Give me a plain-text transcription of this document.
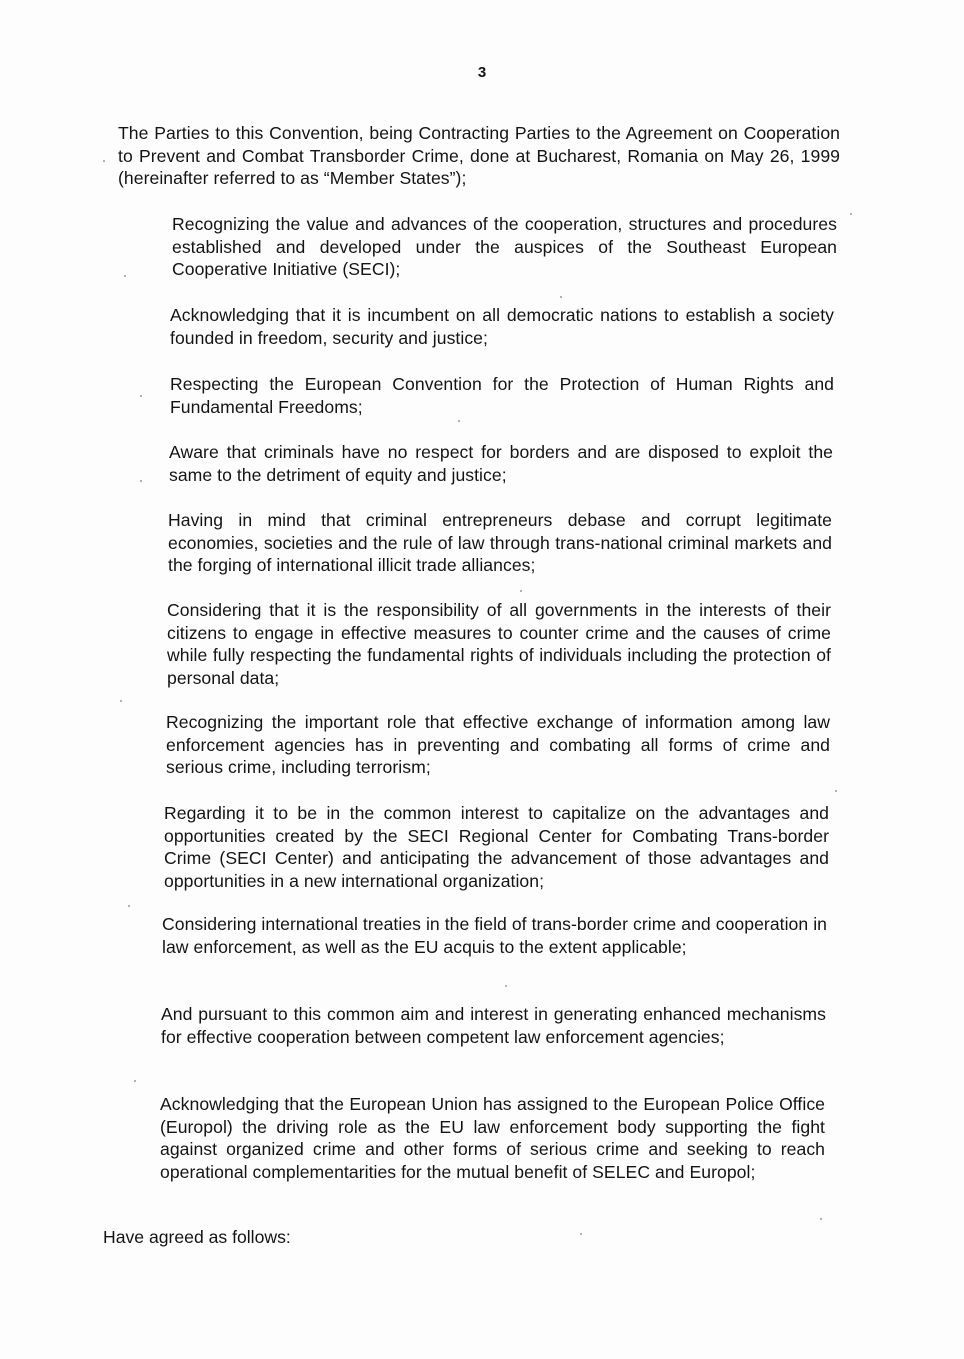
3
The Parties to this Convention, being Contracting Parties to the Agreement on Cooperation to Prevent and Combat Transborder Crime, done at Bucharest, Romania on May 26, 1999 (hereinafter referred to as “Member States”);
Recognizing the value and advances of the cooperation, structures and procedures established and developed under the auspices of the Southeast European Cooperative Initiative (SECI);
Acknowledging that it is incumbent on all democratic nations to establish a society founded in freedom, security and justice;
Respecting the European Convention for the Protection of Human Rights and Fundamental Freedoms;
Aware that criminals have no respect for borders and are disposed to exploit the same to the detriment of equity and justice;
Having in mind that criminal entrepreneurs debase and corrupt legitimate economies, societies and the rule of law through trans-national criminal markets and the forging of international illicit trade alliances;
Considering that it is the responsibility of all governments in the interests of their citizens to engage in effective measures to counter crime and the causes of crime while fully respecting the fundamental rights of individuals including the protection of personal data;
Recognizing the important role that effective exchange of information among law enforcement agencies has in preventing and combating all forms of crime and serious crime, including terrorism;
Regarding it to be in the common interest to capitalize on the advantages and opportunities created by the SECI Regional Center for Combating Trans-border Crime (SECI Center) and anticipating the advancement of those advantages and opportunities in a new international organization;
Considering international treaties in the field of trans-border crime and cooperation in law enforcement, as well as the EU acquis to the extent applicable;
And pursuant to this common aim and interest in generating enhanced mechanisms for effective cooperation between competent law enforcement agencies;
Acknowledging that the European Union has assigned to the European Police Office (Europol) the driving role as the EU law enforcement body supporting the fight against organized crime and other forms of serious crime and seeking to reach operational complementarities for the mutual benefit of SELEC and Europol;
Have agreed as follows:
